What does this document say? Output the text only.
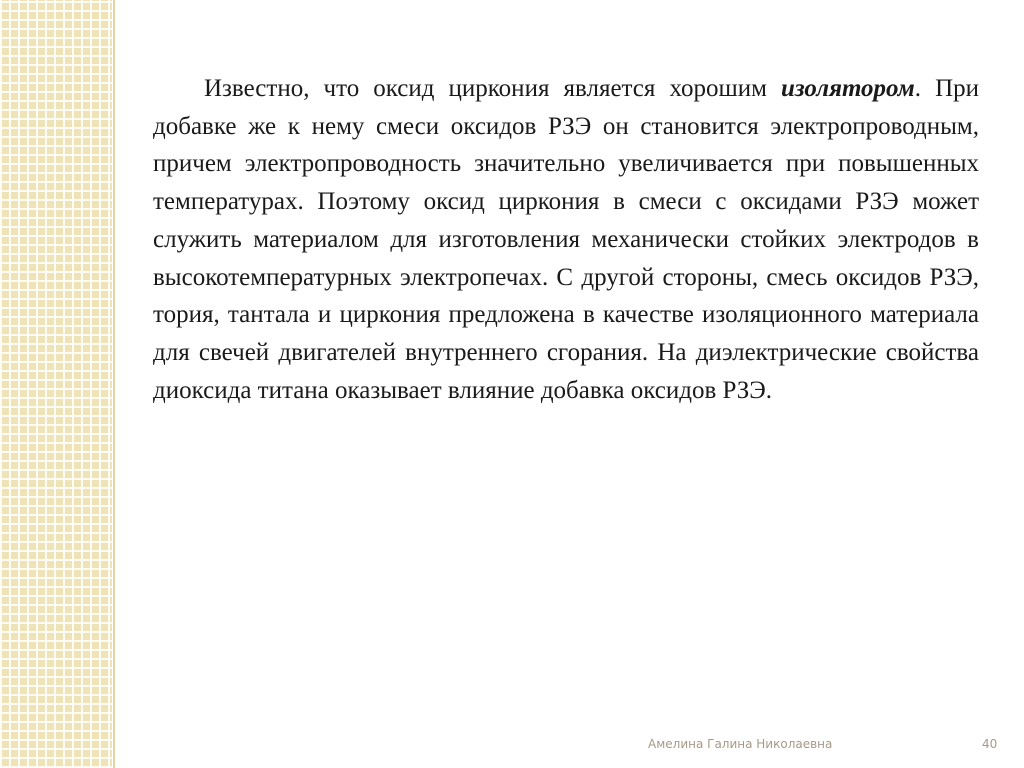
Известно, что оксид циркония является хорошим изолятором. При добавке же к нему смеси оксидов РЗЭ он становится электропроводным, причем электропроводность значительно увеличивается при повышенных температурах. Поэтому оксид циркония в смеси с оксидами РЗЭ может служить материалом для изготовления механически стойких электродов в высокотемпературных электропечах. С другой стороны, смесь оксидов РЗЭ, тория, тантала и циркония предложена в качестве изоляционного материала для свечей двигателей внутреннего сгорания. На диэлектрические свойства диоксида титана оказывает влияние добавка оксидов РЗЭ.

Амелина Галина Николаевна	40
